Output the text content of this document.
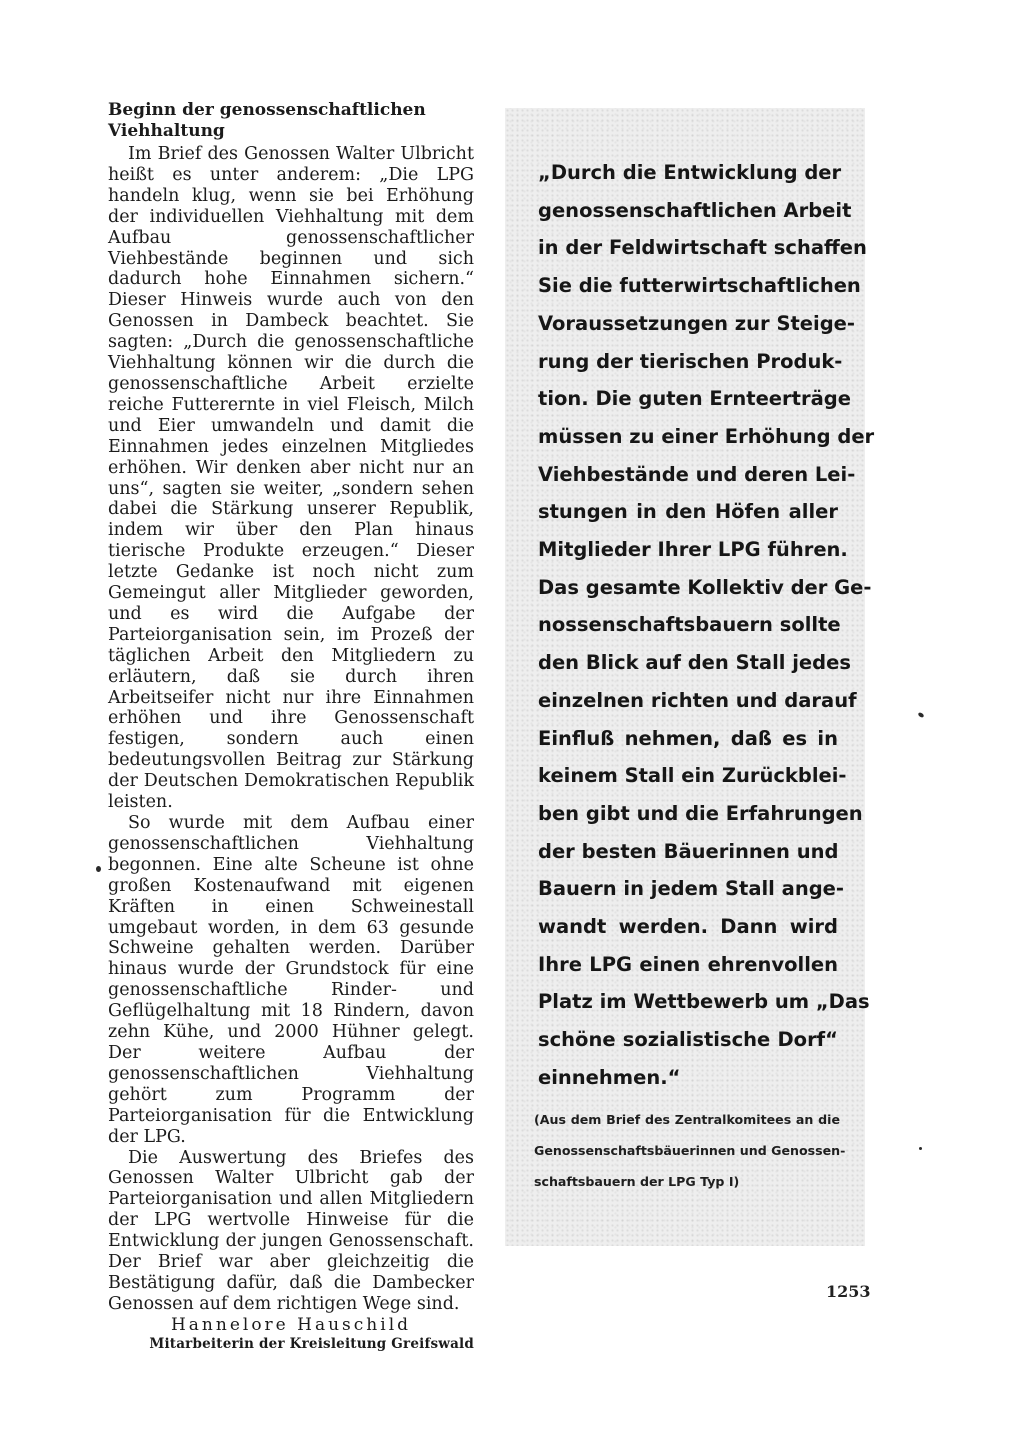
Beginn der genossenschaftlichen Viehhaltung

Im Brief des Genossen Walter Ulbricht heißt es unter anderem: „Die LPG handeln klug, wenn sie bei Erhöhung der individuellen Viehhaltung mit dem Aufbau genossenschaftlicher Viehbestände beginnen und sich dadurch hohe Einnahmen sichern.“ Dieser Hinweis wurde auch von den Genossen in Dambeck beachtet. Sie sagten: „Durch die genossenschaftliche Viehhaltung können wir die durch die genossenschaftliche Arbeit erzielte reiche Futterernte in viel Fleisch, Milch und Eier umwandeln und damit die Einnahmen jedes einzelnen Mitgliedes erhöhen. Wir denken aber nicht nur an uns“, sagten sie weiter, „sondern sehen dabei die Stärkung unserer Republik, indem wir über den Plan hinaus tierische Produkte erzeugen.“ Dieser letzte Gedanke ist noch nicht zum Gemeingut aller Mitglieder geworden, und es wird die Aufgabe der Parteiorganisation sein, im Prozeß der täglichen Arbeit den Mitgliedern zu erläutern, daß sie durch ihren Arbeitseifer nicht nur ihre Einnahmen erhöhen und ihre Genossenschaft festigen, sondern auch einen bedeutungsvollen Beitrag zur Stärkung der Deutschen Demokratischen Republik leisten.

So wurde mit dem Aufbau einer genossenschaftlichen Viehhaltung begonnen. Eine alte Scheune ist ohne großen Kostenaufwand mit eigenen Kräften in einen Schweinestall umgebaut worden, in dem 63 gesunde Schweine gehalten werden. Darüber hinaus wurde der Grundstock für eine genossenschaftliche Rinder- und Geflügelhaltung mit 18 Rindern, davon zehn Kühe, und 2000 Hühner gelegt. Der weitere Aufbau der genossenschaftlichen Viehhaltung gehört zum Programm der Parteiorganisation für die Entwicklung der LPG.

Die Auswertung des Briefes des Genossen Walter Ulbricht gab der Parteiorganisation und allen Mitgliedern der LPG wertvolle Hinweise für die Entwicklung der jungen Genossenschaft. Der Brief war aber gleichzeitig die Bestätigung dafür, daß die Dambecker Genossen auf dem richtigen Wege sind.

Hannelore Hauschild
Mitarbeiterin der Kreisleitung Greifswald
„Durch die Entwicklung der
genossenschaftlichen Arbeit
in der Feldwirtschaft schaffen
Sie die futterwirtschaftlichen
Voraussetzungen zur Steige-
rung der tierischen Produk-
tion. Die guten Ernteerträge
müssen zu einer Erhöhung der
Viehbestände und deren Lei-
stungen in den Höfen aller
Mitglieder Ihrer LPG führen.
Das gesamte Kollektiv der Ge-
nossenschaftsbauern sollte
den Blick auf den Stall jedes
einzelnen richten und darauf
Einfluß nehmen, daß es in
keinem Stall ein Zurückblei-
ben gibt und die Erfahrungen
der besten Bäuerinnen und
Bauern in jedem Stall ange-
wandt werden. Dann wird
Ihre LPG einen ehrenvollen
Platz im Wettbewerb um „Das
schöne sozialistische Dorf“
einnehmen.“
(Aus dem Brief des Zentralkomitees an die
Genossenschaftsbäuerinnen und Genossen-
schaftsbauern der LPG Typ I)
1253
